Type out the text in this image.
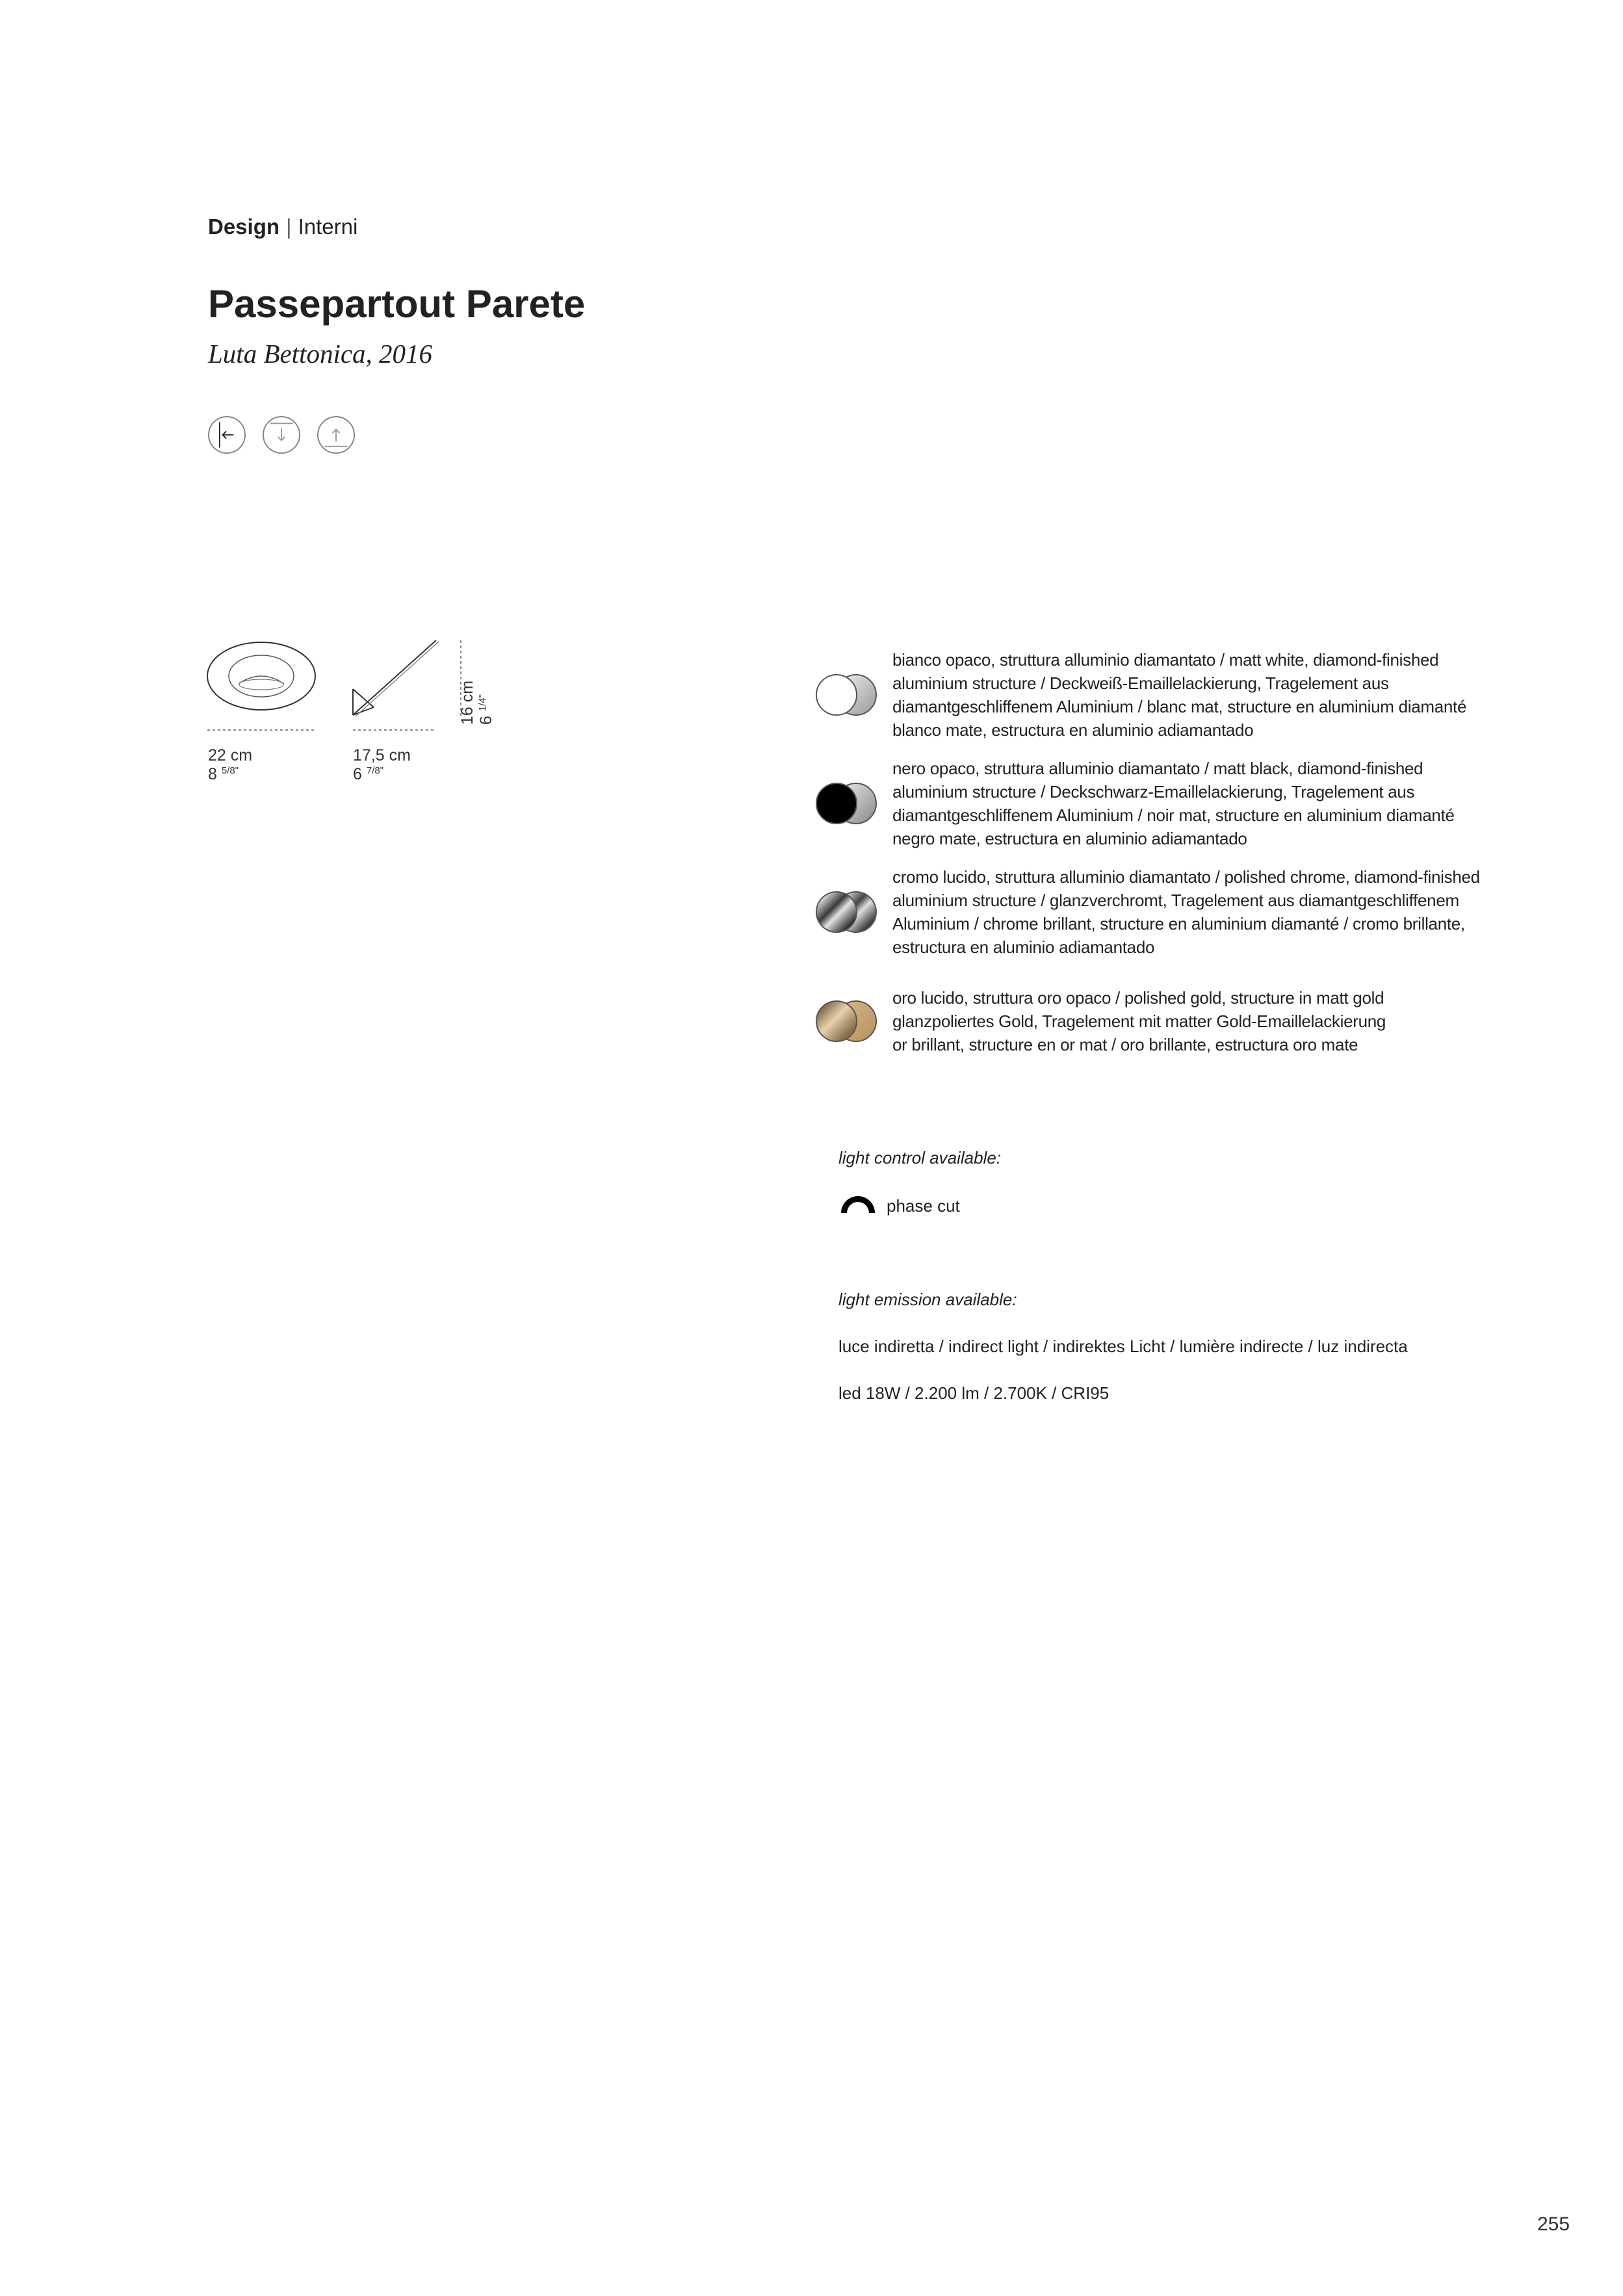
Design | Interni
Passepartout Parete
Luta Bettonica, 2016
22 cm
8 $^{5/8"}$
17,5 cm
6 $^{7/8"}$
16 cm 6 $^{1/4"}$
bianco opaco, struttura alluminio diamantato / matt white, diamond-finished
aluminium structure / Deckweiß-Emaillelackierung, Tragelement aus
diamantgeschliffenem Aluminium / blanc mat, structure en aluminium diamanté
blanco mate, estructura en aluminio adiamantado
nero opaco, struttura alluminio diamantato / matt black, diamond-finished
aluminium structure / Deckschwarz-Emaillelackierung, Tragelement aus
diamantgeschliffenem Aluminium / noir mat, structure en aluminium diamanté
negro mate, estructura en aluminio adiamantado
cromo lucido, struttura alluminio diamantato / polished chrome, diamond-finished
aluminium structure / glanzverchromt, Tragelement aus diamantgeschliffenem
Aluminium / chrome brillant, structure en aluminium diamanté / cromo brillante,
estructura en aluminio adiamantado
oro lucido, struttura oro opaco / polished gold, structure in matt gold
glanzpoliertes Gold, Tragelement mit matter Gold-Emaillelackierung
or brillant, structure en or mat / oro brillante, estructura oro mate
light control available:
phase cut
light emission available:
luce indiretta / indirect light / indirektes Licht / lumière indirecte / luz indirecta
led 18W / 2.200 lm / 2.700K / CRI95
255
